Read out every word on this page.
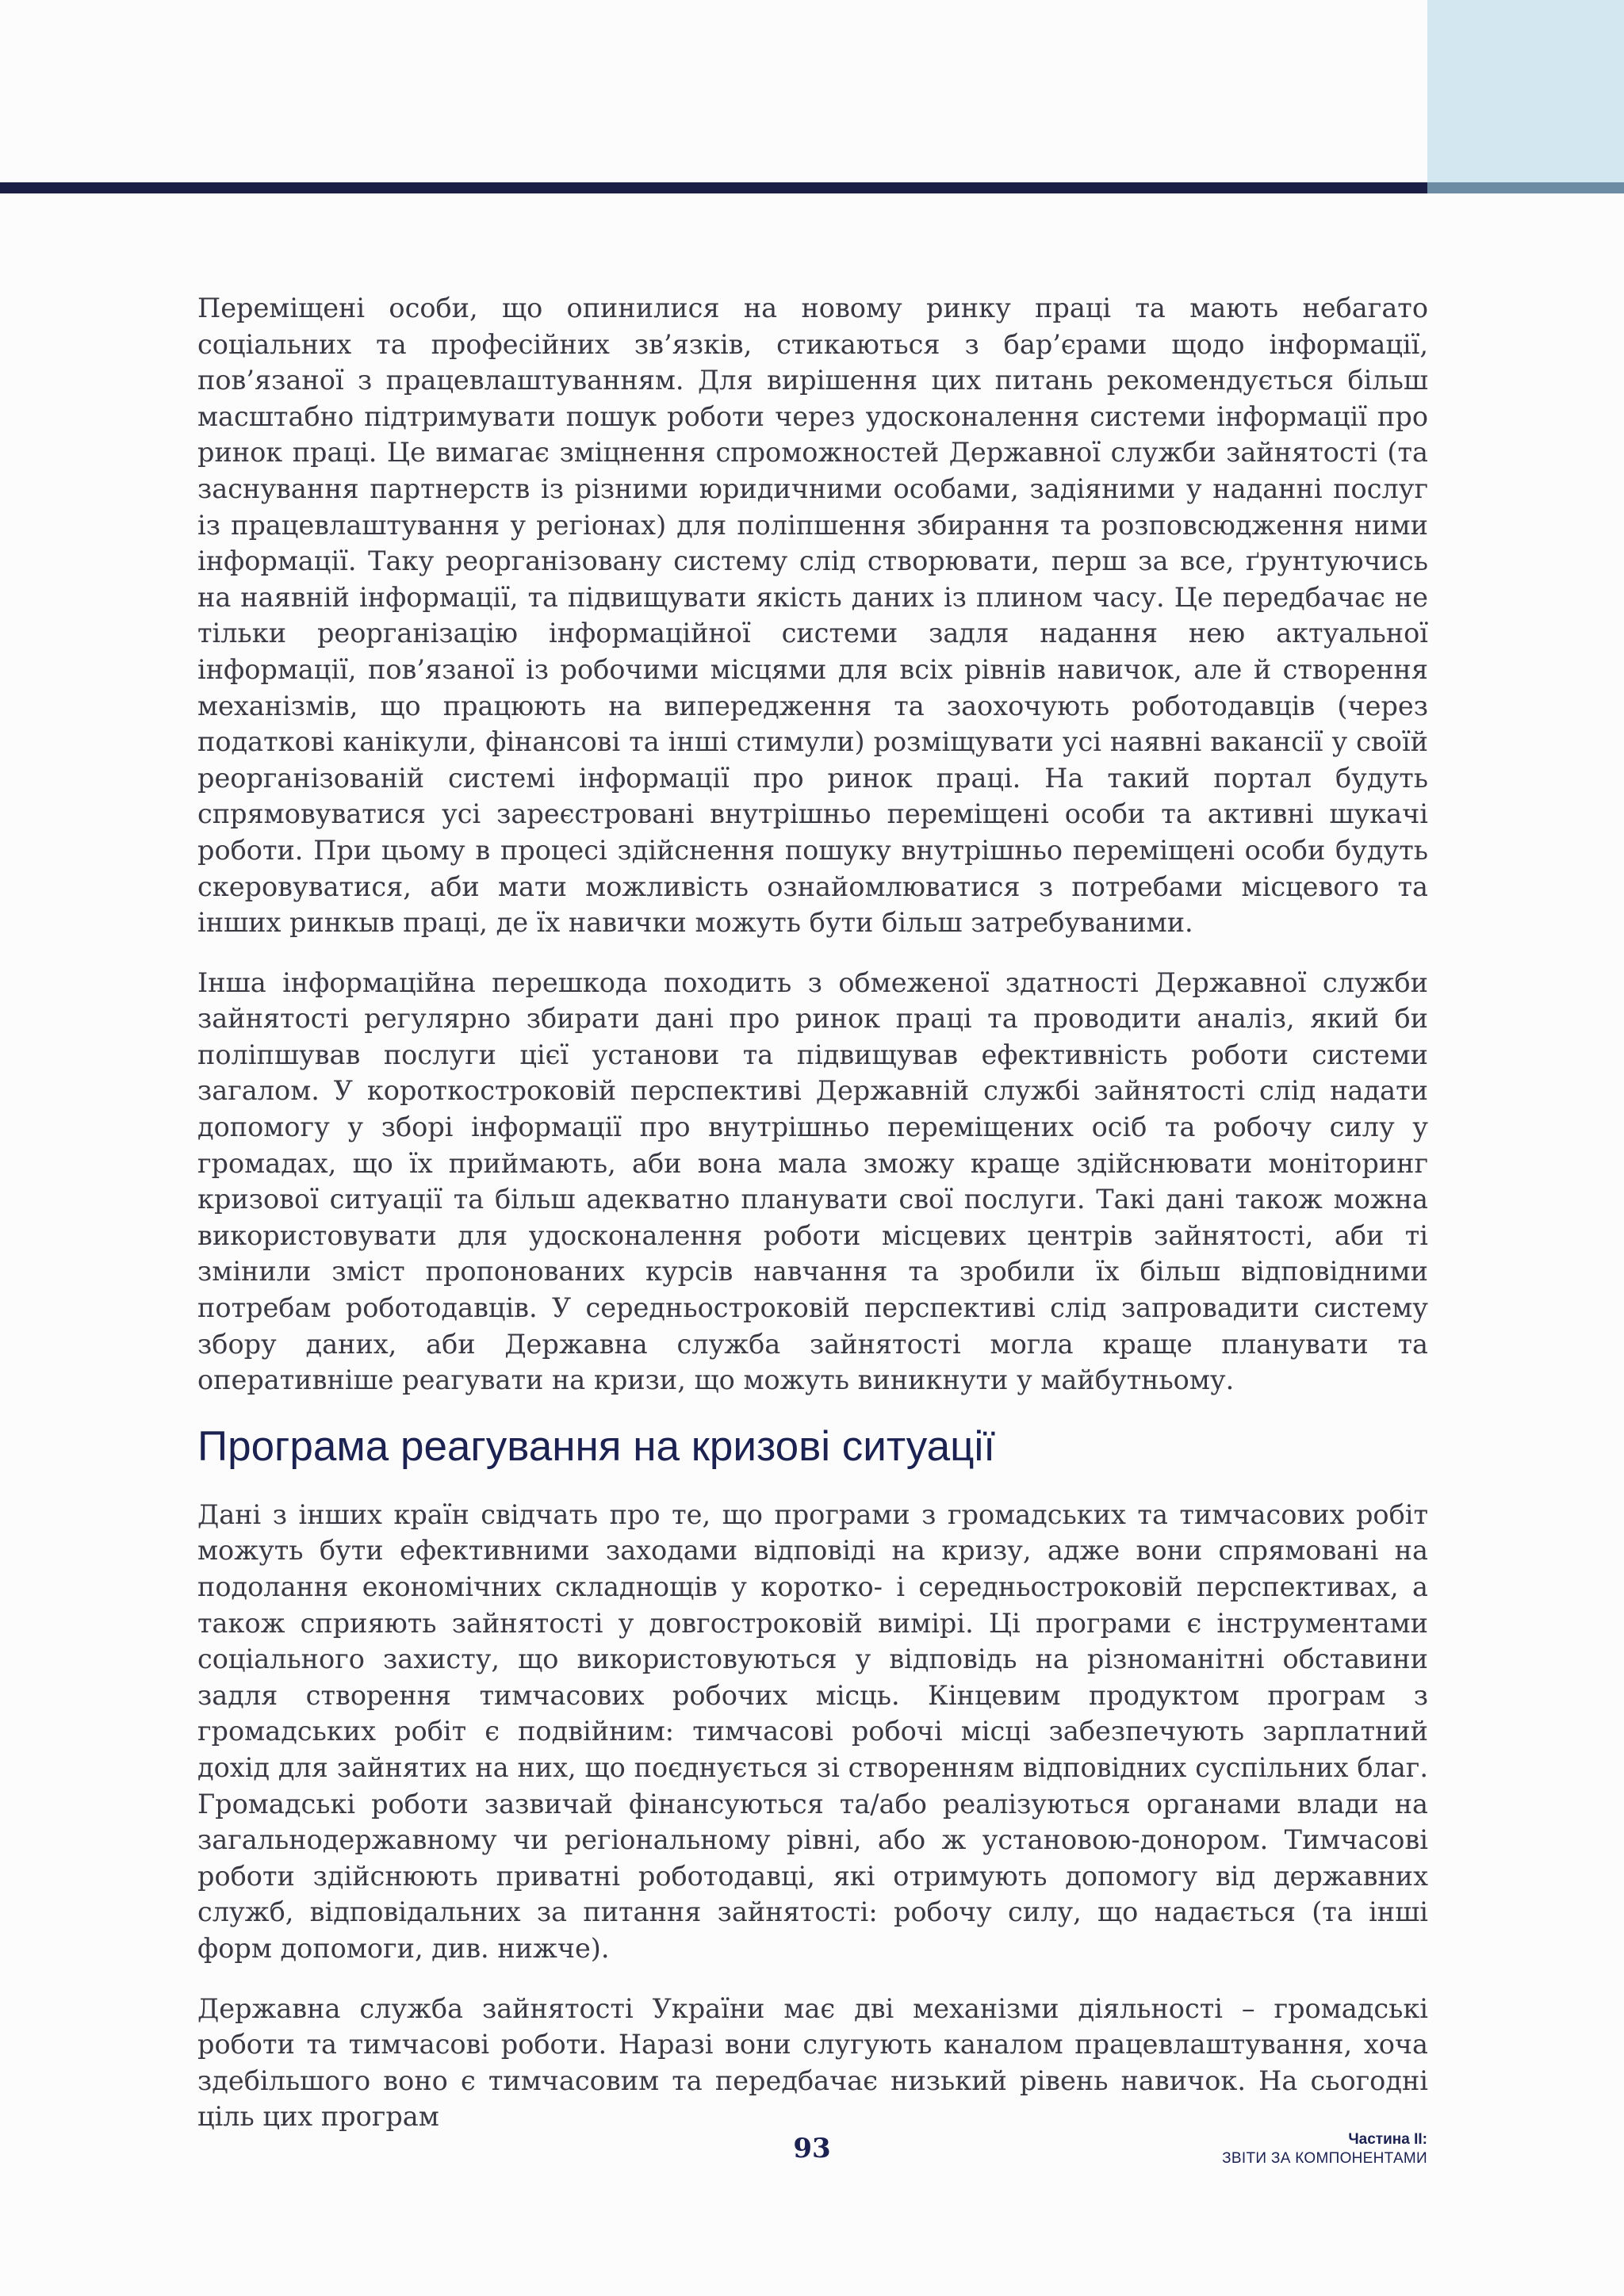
Переміщені особи, що опинилися на новому ринку праці та мають небагато соціальних та професійних зв’язків, стикаються з бар’єрами щодо інформації, пов’язаної з працевлаштуванням. Для вирішення цих питань рекомендується більш масштабно підтримувати пошук роботи через удосконалення системи інформації про ринок праці. Це вимагає зміцнення спроможностей Державної служби зайнятості (та заснування партнерств із різними юридичними особами, задіяними у наданні послуг із працевлаштування у регіонах) для поліпшення збирання та розповсюдження ними інформації. Таку реорганізовану систему слід створювати, перш за все, ґрунтуючись на наявній інформації, та підвищувати якість даних із плином часу. Це передбачає не тільки реорганізацію інформаційної системи задля надання нею актуальної інформації, пов’язаної із робочими місцями для всіх рівнів навичок, але й створення механізмів, що працюють на випередження та заохочують роботодавців (через податкові канікули, фінансові та інші стимули) розміщувати усі наявні вакансії у своїй реорганізованій системі інформації про ринок праці. На такий портал будуть спрямовуватися усі зареєстровані внутрішньо переміщені особи та активні шукачі роботи. При цьому в процесі здійснення пошуку внутрішньо переміщені особи будуть скеровуватися, аби мати можливість ознайомлюватися з потребами місцевого та інших ринкыв праці, де їх навички можуть бути більш затребуваними.

Інша інформаційна перешкода походить з обмеженої здатності Державної служби зайнятості регулярно збирати дані про ринок праці та проводити аналіз, який би поліпшував послуги цієї установи та підвищував ефективність роботи системи загалом. У короткостроковій перспективі Державній службі зайнятості слід надати допомогу у зборі інформації про внутрішньо переміщених осіб та робочу силу у громадах, що їх приймають, аби вона мала зможу краще здійснювати моніторинг кризової ситуації та більш адекватно планувати свої послуги. Такі дані також можна використовувати для удосконалення роботи місцевих центрів зайнятості, аби ті змінили зміст пропонованих курсів навчання та зробили їх більш відповідними потребам роботодавців. У середньостроковій перспективі слід запровадити систему збору даних, аби Державна служба зайнятості могла краще планувати та оперативніше реагувати на кризи, що можуть виникнути у майбутньому.

Програма реагування на кризові ситуації

Дані з інших країн свідчать про те, що програми з громадських та тимчасових робіт можуть бути ефективними заходами відповіді на кризу, адже вони спрямовані на подолання економічних складнощів у коротко- і середньостроковій перспективах, а також сприяють зайнятості у довгостроковій вимірі. Ці програми є інструментами соціального захисту, що використовуються у відповідь на різноманітні обставини задля створення тимчасових робочих місць. Кінцевим продуктом програм з громадських робіт є подвійним: тимчасові робочі місці забезпечують зарплатний дохід для зайнятих на них, що поєднується зі створенням відповідних суспільних благ. Громадські роботи зазвичай фінансуються та/або реалізуються органами влади на загальнодержавному чи регіональному рівні, або ж установою-донором. Тимчасові роботи здійснюють приватні роботодавці, які отримують допомогу від державних служб, відповідальних за питання зайнятості: робочу силу, що надається (та інші форм допомоги, див. нижче).

Державна служба зайнятості України має дві механізми діяльності – громадські роботи та тимчасові роботи. Наразі вони слугують каналом працевлаштування, хоча здебільшого воно є тимчасовим та передбачає низький рівень навичок. На сьогодні ціль цих програм

93	Частина II:
ЗВІТИ ЗА КОМПОНЕНТАМИ
